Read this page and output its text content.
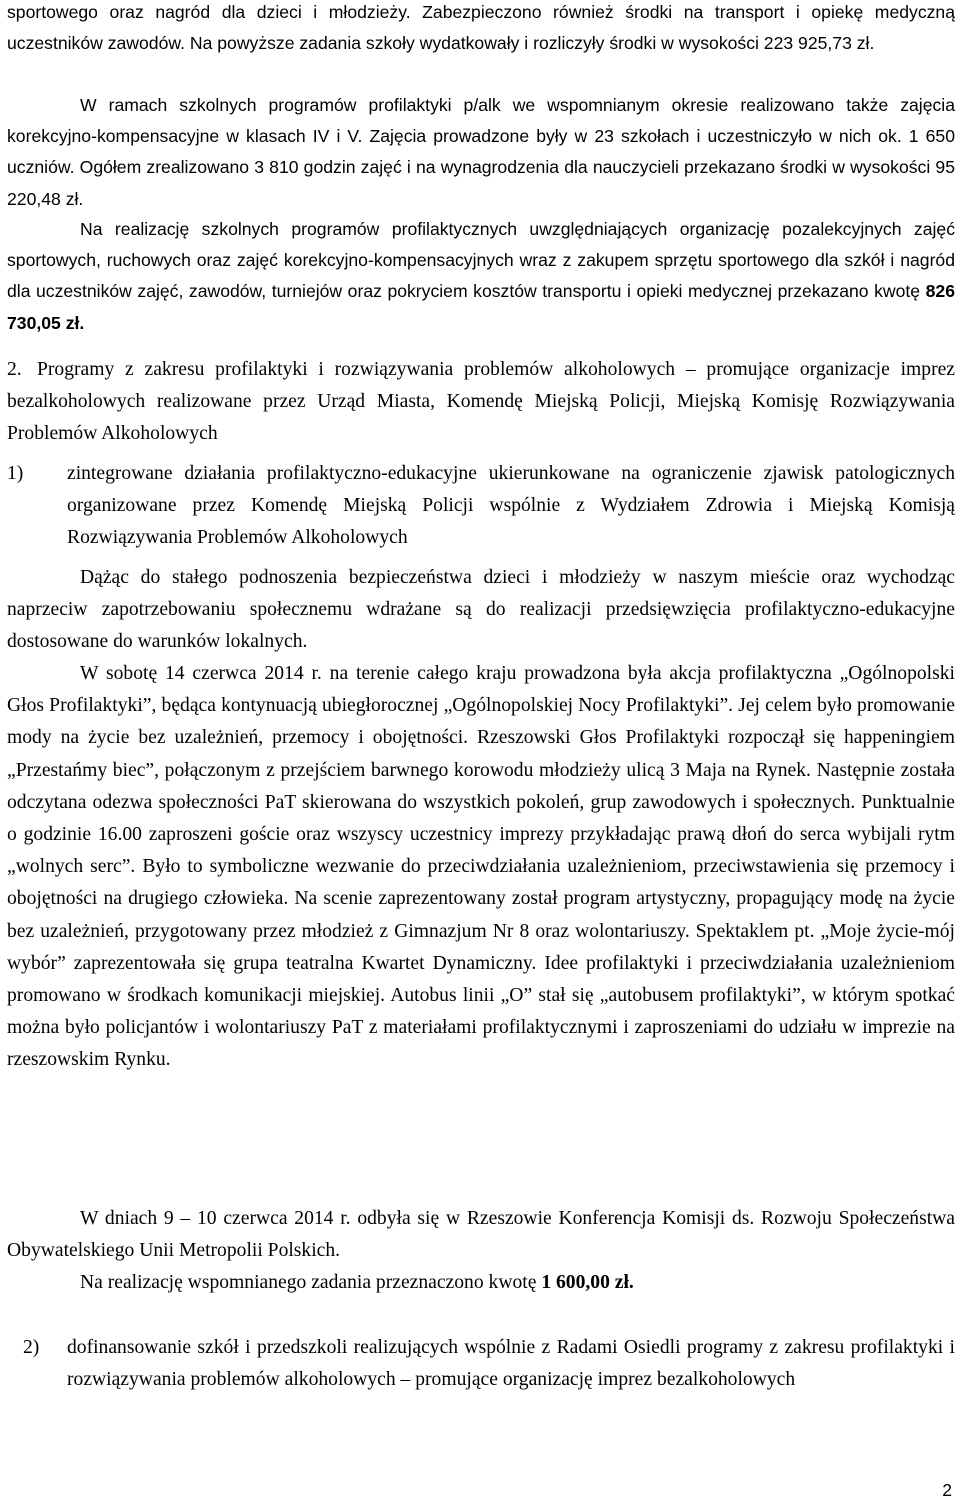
sportowego oraz nagród dla dzieci i młodzieży. Zabezpieczono również środki na transport i opiekę medyczną uczestników zawodów. Na powyższe zadania szkoły wydatkowały i rozliczyły środki w wysokości 223 925,73 zł.

W ramach szkolnych programów profilaktyki p/alk we wspomnianym okresie realizowano także zajęcia korekcyjno-kompensacyjne w klasach IV i V. Zajęcia prowadzone były w 23 szkołach i uczestniczyło w nich ok. 1 650 uczniów. Ogółem zrealizowano 3 810 godzin zajęć i na wynagrodzenia dla nauczycieli przekazano środki w wysokości 95 220,48 zł.

Na realizację szkolnych programów profilaktycznych uwzględniających organizację pozalekcyjnych zajęć sportowych, ruchowych oraz zajęć korekcyjno-kompensacyjnych wraz z zakupem sprzętu sportowego dla szkół i nagród dla uczestników zajęć, zawodów, turniejów oraz pokryciem kosztów transportu i opieki medycznej przekazano kwotę 826 730,05 zł.

2. Programy z zakresu profilaktyki i rozwiązywania problemów alkoholowych – promujące organizacje imprez bezalkoholowych realizowane przez Urząd Miasta, Komendę Miejską Policji, Miejską Komisję Rozwiązywania Problemów Alkoholowych

1) zintegrowane działania profilaktyczno-edukacyjne ukierunkowane na ograniczenie zjawisk patologicznych organizowane przez Komendę Miejską Policji wspólnie z Wydziałem Zdrowia i Miejską Komisją Rozwiązywania Problemów Alkoholowych

Dążąc do stałego podnoszenia bezpieczeństwa dzieci i młodzieży w naszym mieście oraz wychodząc naprzeciw zapotrzebowaniu społecznemu wdrażane są do realizacji przedsięwzięcia profilaktyczno-edukacyjne dostosowane do warunków lokalnych.

W sobotę 14 czerwca 2014 r. na terenie całego kraju prowadzona była akcja profilaktyczna „Ogólnopolski Głos Profilaktyki”, będąca kontynuacją ubiegłorocznej „Ogólnopolskiej Nocy Profilaktyki”. Jej celem było promowanie mody na życie bez uzależnień, przemocy i obojętności. Rzeszowski Głos Profilaktyki rozpoczął się happeningiem „Przestańmy biec”, połączonym z przejściem barwnego korowodu młodzieży ulicą 3 Maja na Rynek. Następnie została odczytana odezwa społeczności PaT skierowana do wszystkich pokoleń, grup zawodowych i społecznych. Punktualnie o godzinie 16.00 zaproszeni goście oraz wszyscy uczestnicy imprezy przykładając prawą dłoń do serca wybijali rytm „wolnych serc”. Było to symboliczne wezwanie do przeciwdziałania uzależnieniom, przeciwstawienia się przemocy i obojętności na drugiego człowieka. Na scenie zaprezentowany został program artystyczny, propagujący modę na życie bez uzależnień, przygotowany przez młodzież z Gimnazjum Nr 8 oraz wolontariuszy. Spektaklem pt. „Moje życie-mój wybór” zaprezentowała się grupa teatralna Kwartet Dynamiczny. Idee profilaktyki i przeciwdziałania uzależnieniom promowano w środkach komunikacji miejskiej. Autobus linii „O” stał się „autobusem profilaktyki”, w którym spotkać można było policjantów i wolontariuszy PaT z materiałami profilaktycznymi i zaproszeniami do udziału w imprezie na rzeszowskim Rynku.

W dniach 9 – 10 czerwca 2014 r. odbyła się w Rzeszowie Konferencja Komisji ds. Rozwoju Społeczeństwa Obywatelskiego Unii Metropolii Polskich.

Na realizację wspomnianego zadania przeznaczono kwotę 1 600,00 zł.

2) dofinansowanie szkół i przedszkoli realizujących wspólnie z Radami Osiedli programy z zakresu profilaktyki i rozwiązywania problemów alkoholowych – promujące organizację imprez bezalkoholowych

2
